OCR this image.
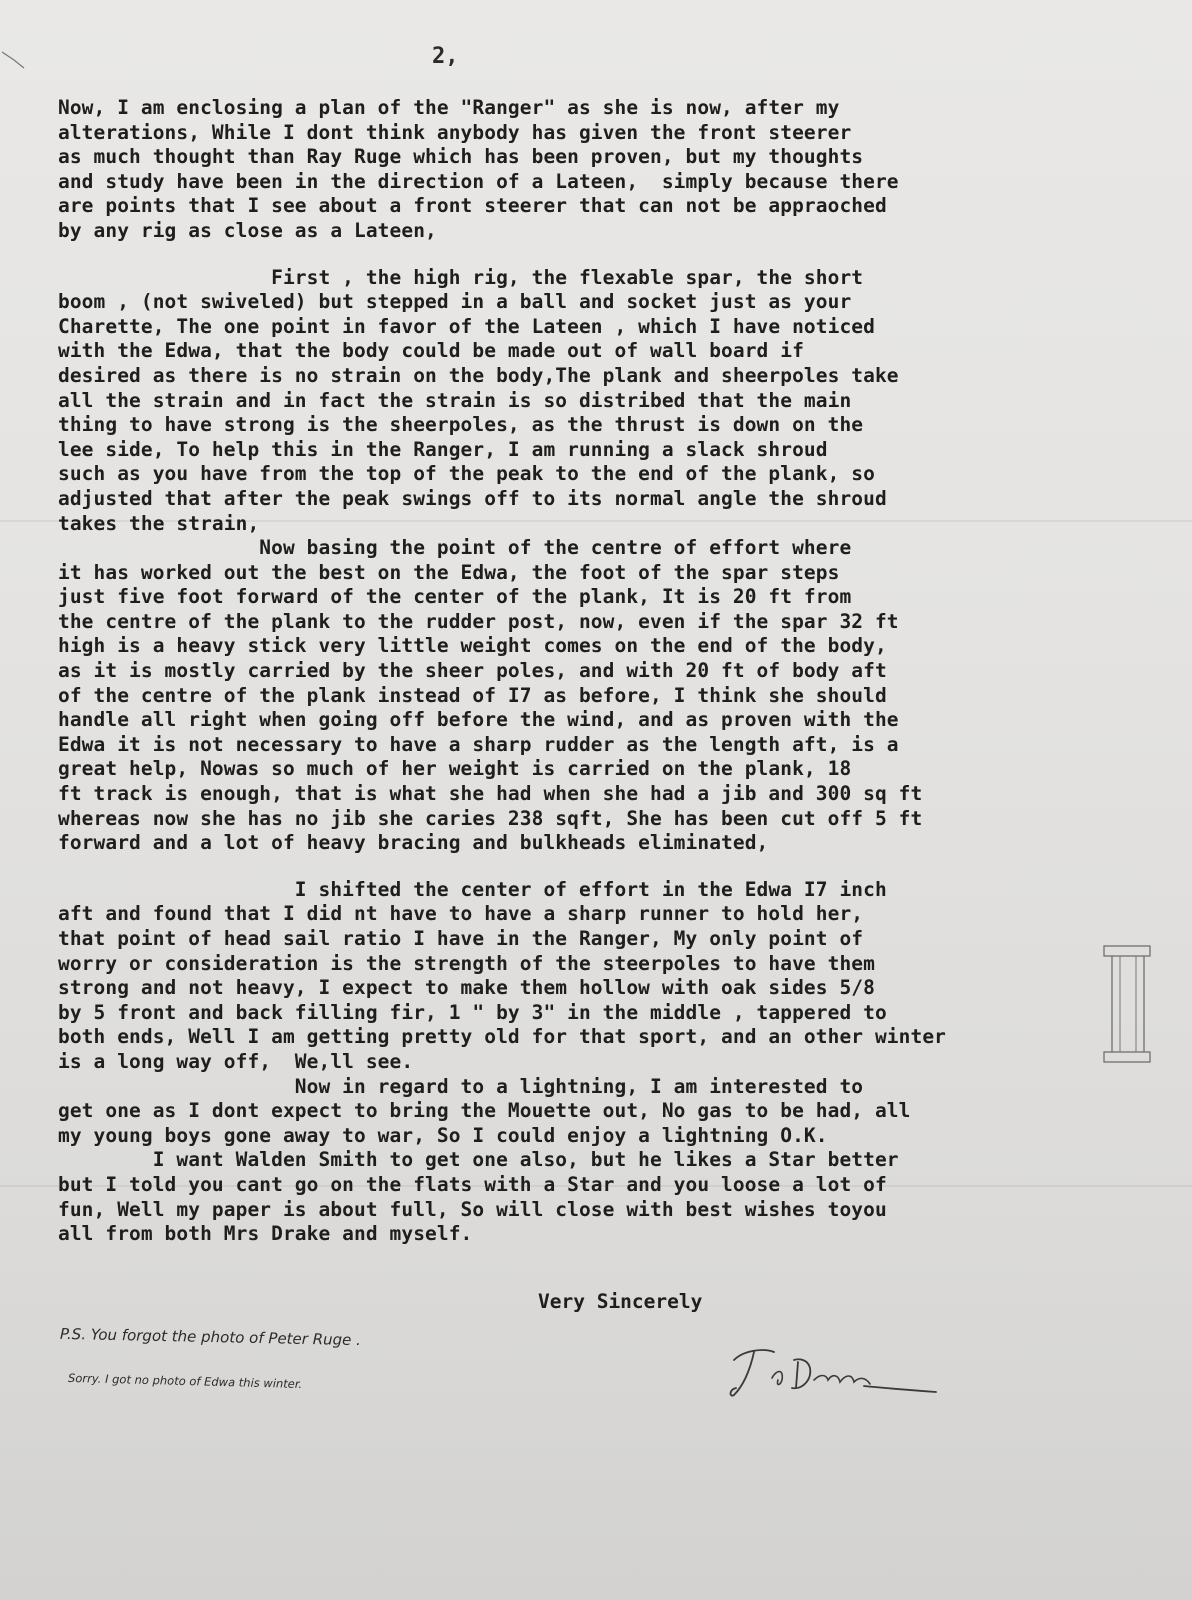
2,
Now, I am enclosing a plan of the "Ranger" as she is now, after my
alterations, While I dont think anybody has given the front steerer
as much thought than Ray Ruge which has been proven, but my thoughts
and study have been in the direction of a Lateen,  simply because there
are points that I see about a front steerer that can not be appraoched
by any rig as close as a Lateen,
First , the high rig, the flexable spar, the short
boom , (not swiveled) but stepped in a ball and socket just as your
Charette, The one point in favor of the Lateen , which I have noticed
with the Edwa, that the body could be made out of wall board if
desired as there is no strain on the body,The plank and sheerpoles take
all the strain and in fact the strain is so distribed that the main
thing to have strong is the sheerpoles, as the thrust is down on the
lee side, To help this in the Ranger, I am running a slack shroud
such as you have from the top of the peak to the end of the plank, so
adjusted that after the peak swings off to its normal angle the shroud
takes the strain,
Now basing the point of the centre of effort where
it has worked out the best on the Edwa, the foot of the spar steps
just five foot forward of the center of the plank, It is 20 ft from
the centre of the plank to the rudder post, now, even if the spar 32 ft
high is a heavy stick very little weight comes on the end of the body,
as it is mostly carried by the sheer poles, and with 20 ft of body aft
of the centre of the plank instead of I7 as before, I think she should
handle all right when going off before the wind, and as proven with the
Edwa it is not necessary to have a sharp rudder as the length aft, is a
great help, Nowas so much of her weight is carried on the plank, 18
ft track is enough, that is what she had when she had a jib and 300 sq ft
whereas now she has no jib she caries 238 sqft, She has been cut off 5 ft
forward and a lot of heavy bracing and bulkheads eliminated,
I shifted the center of effort in the Edwa I7 inch
aft and found that I did nt have to have a sharp runner to hold her,
that point of head sail ratio I have in the Ranger, My only point of
worry or consideration is the strength of the steerpoles to have them
strong and not heavy, I expect to make them hollow with oak sides 5/8
by 5 front and back filling fir, 1 " by 3" in the middle , tappered to
both ends, Well I am getting pretty old for that sport, and an other winter
is a long way off,  We,ll see.
Now in regard to a lightning, I am interested to
get one as I dont expect to bring the Mouette out, No gas to be had, all
my young boys gone away to war, So I could enjoy a lightning O.K.
I want Walden Smith to get one also, but he likes a Star better
but I told you cant go on the flats with a Star and you loose a lot of
fun, Well my paper is about full, So will close with best wishes toyou
all from both Mrs Drake and myself.
Very Sincerely
P.S. You forgot the photo of Peter Ruge .
Sorry. I got no photo of Edwa this winter.
